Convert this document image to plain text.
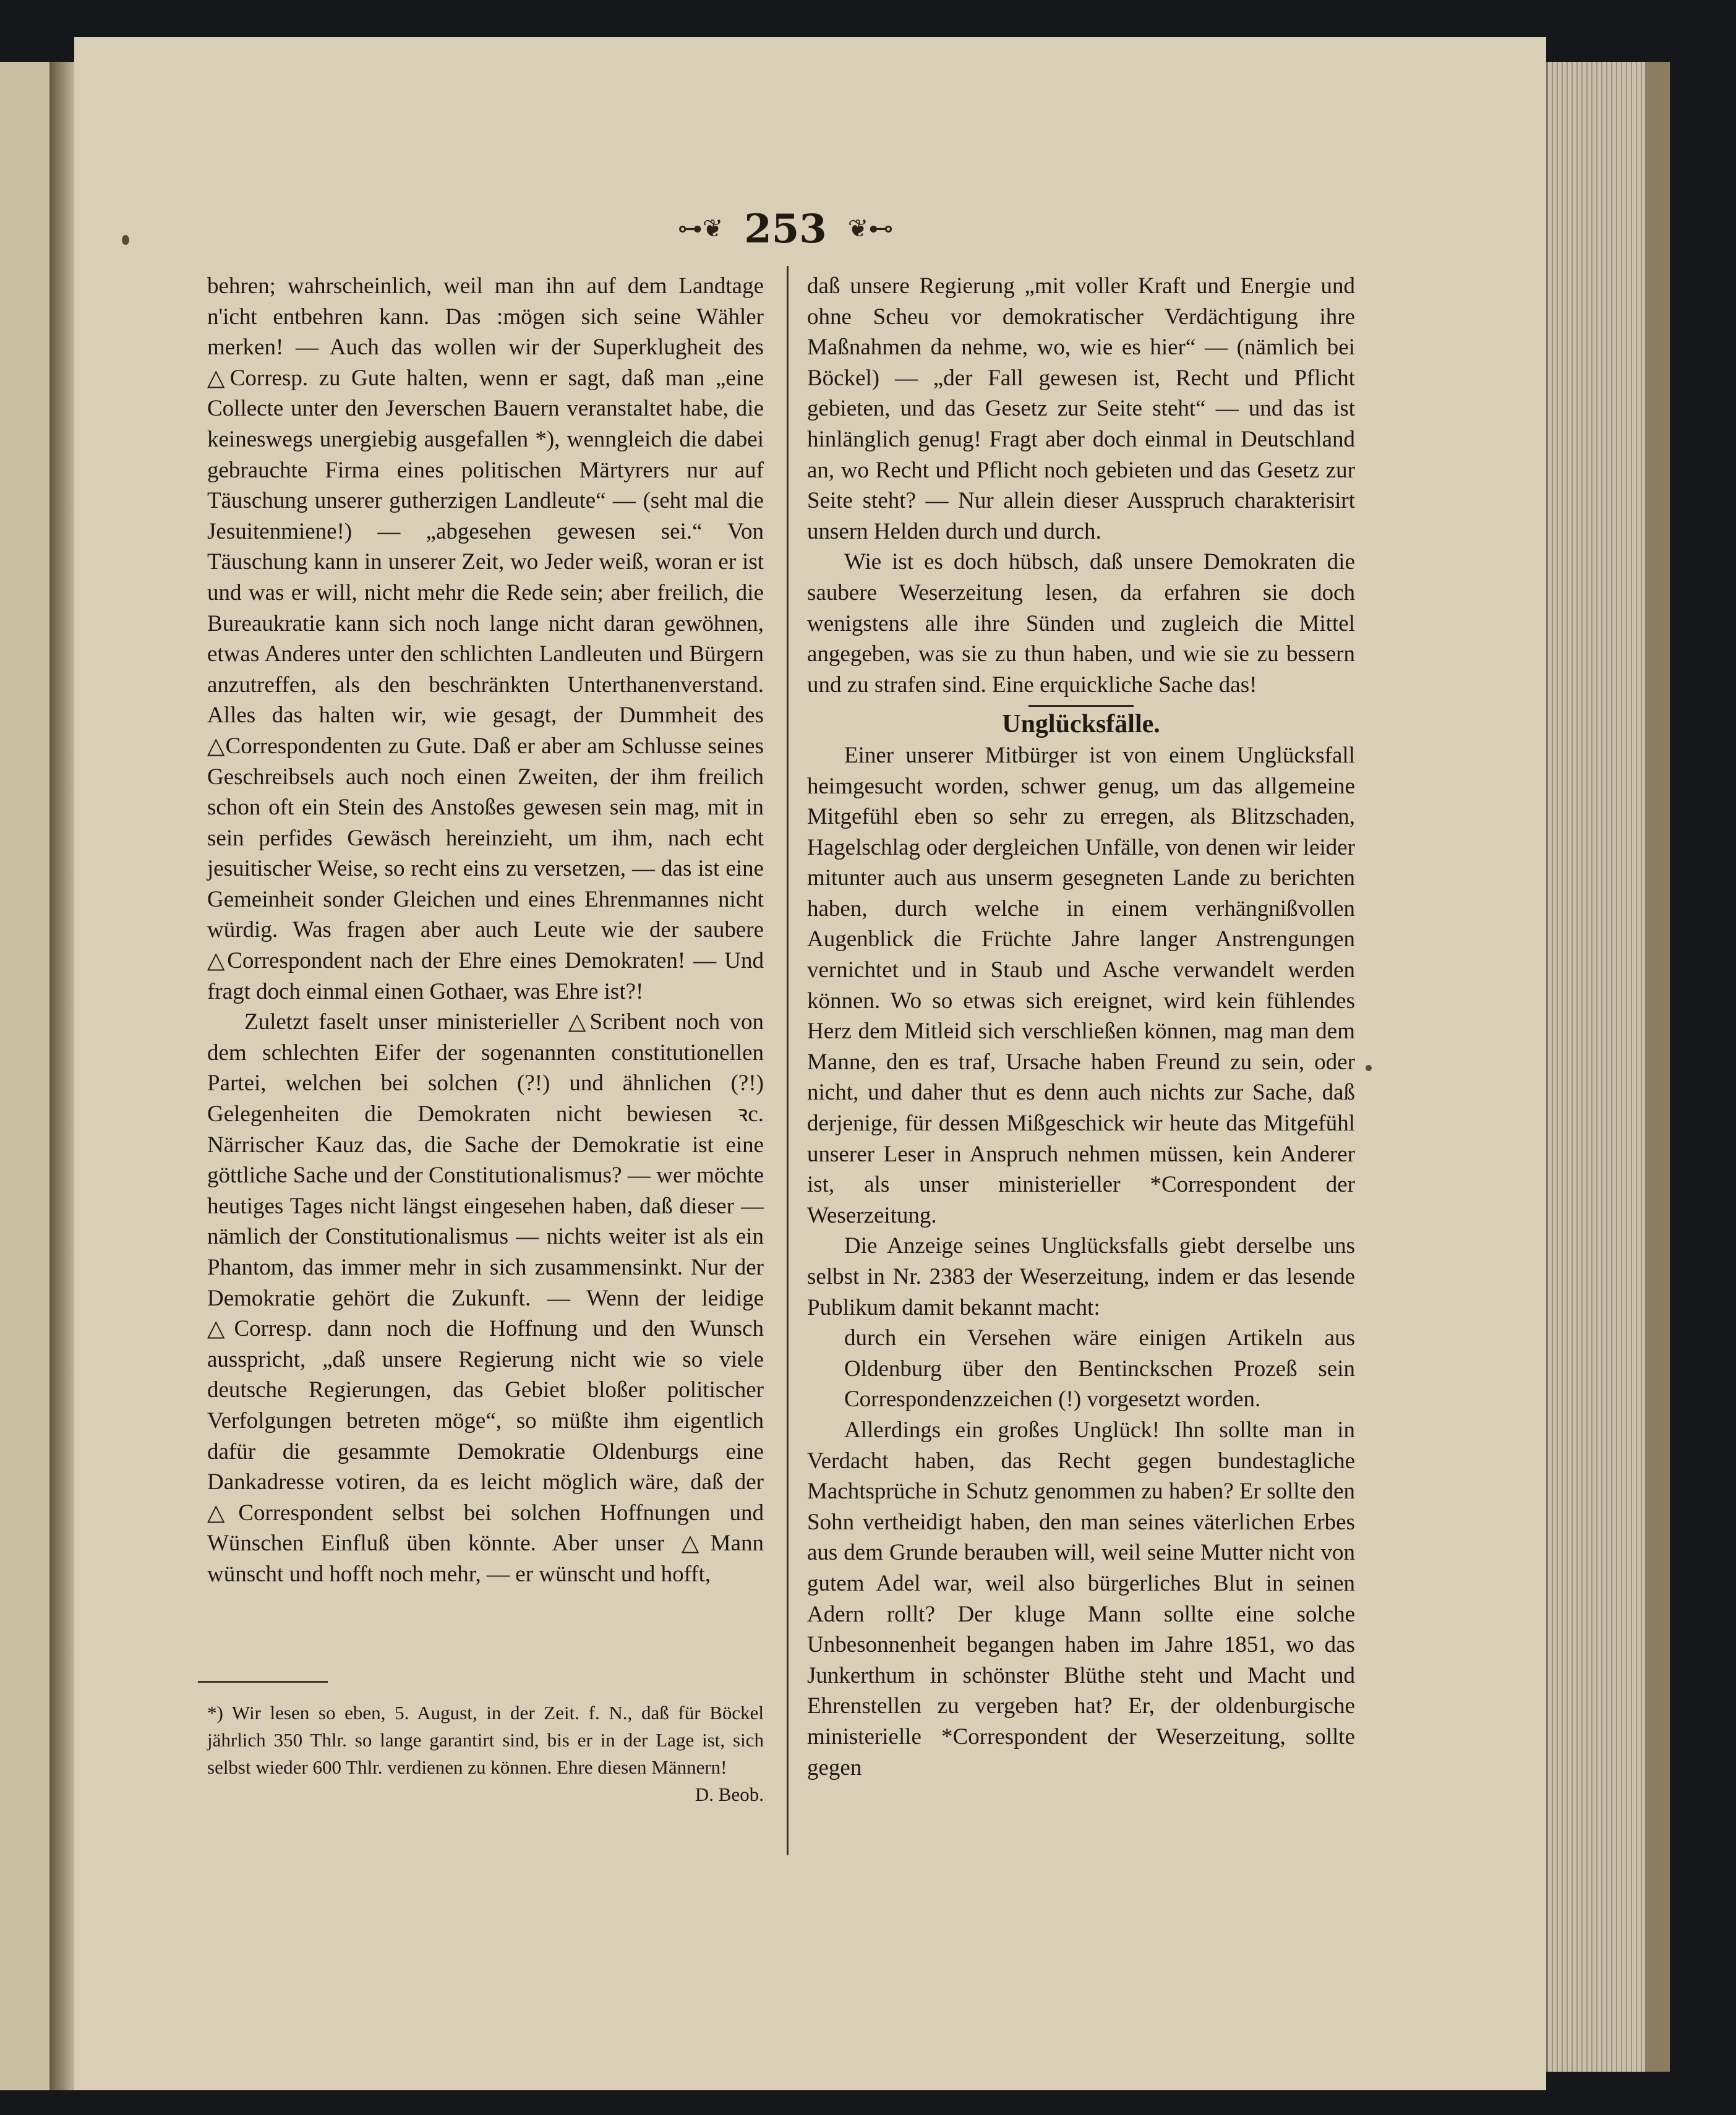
⊶❦ 253 ❦⊷

behren; wahrscheinlich, weil man ihn auf dem Landtage n'icht entbehren kann. Das :mögen sich seine Wähler merken! — Auch das wollen wir der Superklugheit des △Corresp. zu Gute halten, wenn er sagt, daß man „eine Collecte unter den Jeverschen Bauern veranstaltet habe, die keineswegs unergiebig ausgefallen *), wenngleich die dabei gebrauchte Firma eines politischen Märtyrers nur auf Täuschung unserer gutherzigen Landleute“ — (seht mal die Jesuitenmiene!) — „abgesehen gewesen sei.“ Von Täuschung kann in unserer Zeit, wo Jeder weiß, woran er ist und was er will, nicht mehr die Rede sein; aber freilich, die Bureaukratie kann sich noch lange nicht daran gewöhnen, etwas Anderes unter den schlichten Landleuten und Bürgern anzutreffen, als den beschränkten Unterthanenverstand. Alles das halten wir, wie gesagt, der Dummheit des △Correspondenten zu Gute. Daß er aber am Schlusse seines Geschreibsels auch noch einen Zweiten, der ihm freilich schon oft ein Stein des Anstoßes gewesen sein mag, mit in sein perfides Gewäsch hereinzieht, um ihm, nach echt jesuitischer Weise, so recht eins zu versetzen, — das ist eine Gemeinheit sonder Gleichen und eines Ehrenmannes nicht würdig. Was fragen aber auch Leute wie der saubere △Correspondent nach der Ehre eines Demokraten! — Und fragt doch einmal einen Gothaer, was Ehre ist?!

Zuletzt faselt unser ministerieller △Scribent noch von dem schlechten Eifer der sogenannten constitutionellen Partei, welchen bei solchen (?!) und ähnlichen (?!) Gelegenheiten die Demokraten nicht bewiesen ꝛc. Närrischer Kauz das, die Sache der Demokratie ist eine göttliche Sache und der Constitutionalismus? — wer möchte heutiges Tages nicht längst eingesehen haben, daß dieser — nämlich der Constitutionalismus — nichts weiter ist als ein Phantom, das immer mehr in sich zusammensinkt. Nur der Demokratie gehört die Zukunft. — Wenn der leidige △Corresp. dann noch die Hoffnung und den Wunsch ausspricht, „daß unsere Regierung nicht wie so viele deutsche Regierungen, das Gebiet bloßer politischer Verfolgungen betreten möge“, so müßte ihm eigentlich dafür die gesammte Demokratie Oldenburgs eine Dankadresse votiren, da es leicht möglich wäre, daß der △Correspondent selbst bei solchen Hoffnungen und Wünschen Einfluß üben könnte. Aber unser △Mann wünscht und hofft noch mehr, — er wünscht und hofft,

*) Wir lesen so eben, 5. August, in der Zeit. f. N., daß für Böckel jährlich 350 Thlr. so lange garantirt sind, bis er in der Lage ist, sich selbst wieder 600 Thlr. verdienen zu können. Ehre diesen Männern!
D. Beob.

daß unsere Regierung „mit voller Kraft und Energie und ohne Scheu vor demokratischer Verdächtigung ihre Maßnahmen da nehme, wo, wie es hier“ — (nämlich bei Böckel) — „der Fall gewesen ist, Recht und Pflicht gebieten, und das Gesetz zur Seite steht“ — und das ist hinlänglich genug! Fragt aber doch einmal in Deutschland an, wo Recht und Pflicht noch gebieten und das Gesetz zur Seite steht? — Nur allein dieser Ausspruch charakterisirt unsern Helden durch und durch.

Wie ist es doch hübsch, daß unsere Demokraten die saubere Weserzeitung lesen, da erfahren sie doch wenigstens alle ihre Sünden und zugleich die Mittel angegeben, was sie zu thun haben, und wie sie zu bessern und zu strafen sind. Eine erquickliche Sache das!

Unglücksfälle.

Einer unserer Mitbürger ist von einem Unglücksfall heimgesucht worden, schwer genug, um das allgemeine Mitgefühl eben so sehr zu erregen, als Blitzschaden, Hagelschlag oder dergleichen Unfälle, von denen wir leider mitunter auch aus unserm gesegneten Lande zu berichten haben, durch welche in einem verhängnißvollen Augenblick die Früchte Jahre langer Anstrengungen vernichtet und in Staub und Asche verwandelt werden können. Wo so etwas sich ereignet, wird kein fühlendes Herz dem Mitleid sich verschließen können, mag man dem Manne, den es traf, Ursache haben Freund zu sein, oder nicht, und daher thut es denn auch nichts zur Sache, daß derjenige, für dessen Mißgeschick wir heute das Mitgefühl unserer Leser in Anspruch nehmen müssen, kein Anderer ist, als unser ministerieller *Correspondent der Weserzeitung.

Die Anzeige seines Unglücksfalls giebt derselbe uns selbst in Nr. 2383 der Weserzeitung, indem er das lesende Publikum damit bekannt macht:

durch ein Versehen wäre einigen Artikeln aus Oldenburg über den Bentinckschen Prozeß sein Correspondenzzeichen (!) vorgesetzt worden.

Allerdings ein großes Unglück! Ihn sollte man in Verdacht haben, das Recht gegen bundestagliche Machtsprüche in Schutz genommen zu haben? Er sollte den Sohn vertheidigt haben, den man seines väterlichen Erbes aus dem Grunde berauben will, weil seine Mutter nicht von gutem Adel war, weil also bürgerliches Blut in seinen Adern rollt? Der kluge Mann sollte eine solche Unbesonnenheit begangen haben im Jahre 1851, wo das Junkerthum in schönster Blüthe steht und Macht und Ehrenstellen zu vergeben hat? Er, der oldenburgische ministerielle *Correspondent der Weserzeitung, sollte gegen
